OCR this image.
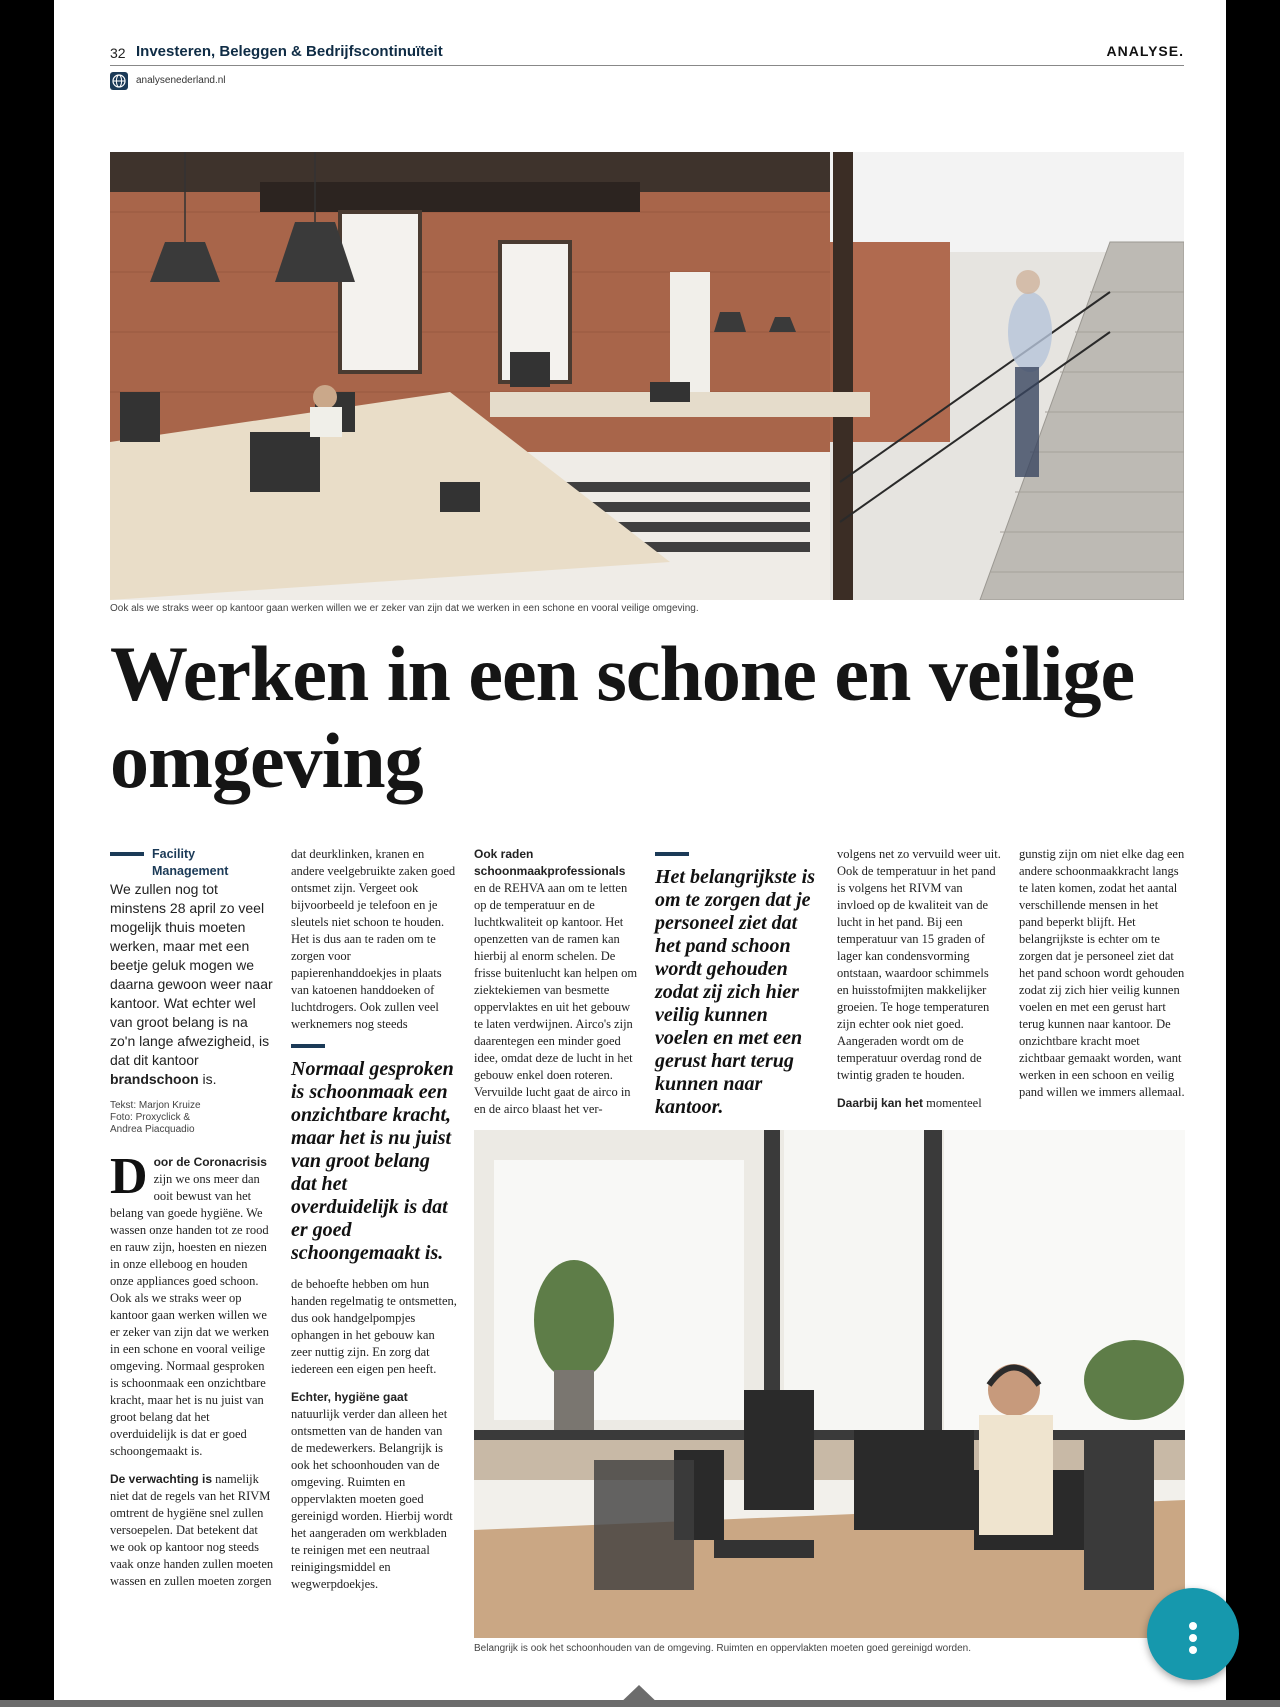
32 Investeren, Beleggen & Bedrijfscontinuïteit	ANALYSE.
analysenederland.nl
Ook als we straks weer op kantoor gaan werken willen we er zeker van zijn dat we werken in een schone en vooral veilige omgeving.
Werken in een schone en veilige omgeving
Facility
Management

We zullen nog tot minstens 28 april zo veel mogelijk thuis moeten werken, maar met een beetje geluk mogen we daarna gewoon weer naar kantoor. Wat echter wel van groot belang is na zo'n lange afwezigheid, is dat dit kantoor brandschoon is.

Tekst: Marjon Kruize
Foto: Proxyclick &
Andrea Piacquadio

Door de Coronacrisis zijn we ons meer dan ooit bewust van het belang van goede hygiëne. We wassen onze handen tot ze rood en rauw zijn, hoesten en niezen in onze elleboog en houden onze appliances goed schoon. Ook als we straks weer op kantoor gaan werken willen we er zeker van zijn dat we werken in een schone en vooral veilige omgeving. Normaal gesproken is schoonmaak een onzichtbare kracht, maar het is nu juist van groot belang dat het overduidelijk is dat er goed schoongemaakt is.

De verwachting is namelijk niet dat de regels van het RIVM omtrent de hygiëne snel zullen versoepelen. Dat betekent dat we ook op kantoor nog steeds vaak onze handen zullen moeten wassen en zullen moeten zorgen

dat deurklinken, kranen en andere veelgebruikte zaken goed ontsmet zijn. Vergeet ook bijvoorbeeld je telefoon en je sleutels niet schoon te houden. Het is dus aan te raden om te zorgen voor papierenhanddoekjes in plaats van katoenen handdoeken of luchtdrogers. Ook zullen veel werknemers nog steeds

Normaal gesproken is schoonmaak een onzichtbare kracht, maar het is nu juist van groot belang dat het overduidelijk is dat er goed schoongemaakt is.

de behoefte hebben om hun handen regelmatig te ontsmetten, dus ook handgelpompjes ophangen in het gebouw kan zeer nuttig zijn. En zorg dat iedereen een eigen pen heeft.

Echter, hygiëne gaat natuurlijk verder dan alleen het ontsmetten van de handen van de medewerkers. Belangrijk is ook het schoonhouden van de omgeving. Ruimten en oppervlakten moeten goed gereinigd worden. Hierbij wordt het aangeraden om werkbladen te reinigen met een neutraal reinigingsmiddel en wegwerpdoekjes.

Ook raden schoonmaakprofessionals en de REHVA aan om te letten op de temperatuur en de luchtkwaliteit op kantoor. Het openzetten van de ramen kan hierbij al enorm schelen. De frisse buitenlucht kan helpen om ziektekiemen van besmette oppervlaktes en uit het gebouw te laten verdwijnen. Airco's zijn daarentegen een minder goed idee, omdat deze de lucht in het gebouw enkel doen roteren. Vervuilde lucht gaat de airco in en de airco blaast het ver-

Het belangrijkste is om te zorgen dat je personeel ziet dat het pand schoon wordt gehouden zodat zij zich hier veilig kunnen voelen en met een gerust hart terug kunnen naar kantoor.

volgens net zo vervuild weer uit. Ook de temperatuur in het pand is volgens het RIVM van invloed op de kwaliteit van de lucht in het pand. Bij een temperatuur van 15 graden of lager kan condensvorming ontstaan, waardoor schimmels en huisstofmijten makkelijker groeien. Te hoge temperaturen zijn echter ook niet goed. Aangeraden wordt om de temperatuur overdag rond de twintig graden te houden.

Daarbij kan het momenteel

gunstig zijn om niet elke dag een andere schoonmaakkracht langs te laten komen, zodat het aantal verschillende mensen in het pand beperkt blijft. Het belangrijkste is echter om te zorgen dat je personeel ziet dat het pand schoon wordt gehouden zodat zij zich hier veilig kunnen voelen en met een gerust hart terug kunnen naar kantoor. De onzichtbare kracht moet zichtbaar gemaakt worden, want werken in een schoon en veilig pand willen we immers allemaal.

Belangrijk is ook het schoonhouden van de omgeving. Ruimten en oppervlakten moeten goed gereinigd worden.
